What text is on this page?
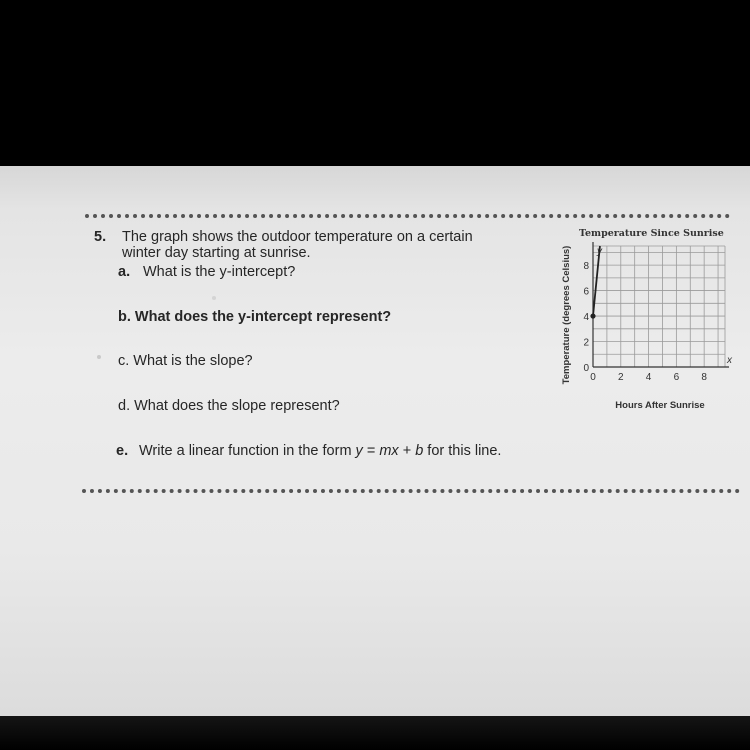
5. The graph shows the outdoor temperature on a certain
winter day starting at sunrise.
a. What is the y-intercept?
b. What does the y-intercept represent?
c. What is the slope?
d. What does the slope represent?
e. Write a linear function in the form y = mx + b for this line.
Temperature Since Sunrise
x
y
0 2 4 6 8
0
2
4
6
8
Hours After Sunrise
Temperature (degrees Celsius)
